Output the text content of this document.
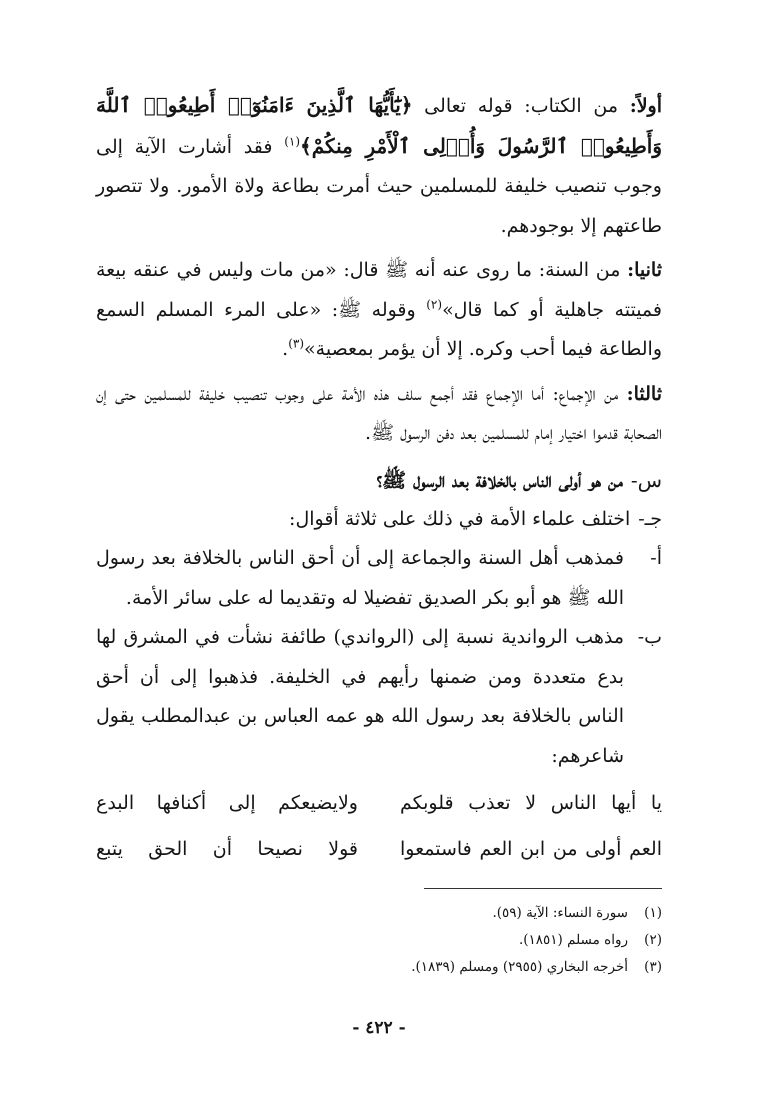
أولاً: من الكتاب: قوله تعالى ﴿يَٰٓأَيُّهَا ٱلَّذِينَ ءَامَنُوٓا۟ أَطِيعُوا۟ ٱللَّهَ وَأَطِيعُوا۟ ٱلرَّسُولَ وَأُو۟لِى ٱلْأَمْرِ مِنكُمْ﴾$^{(١)}$ فقد أشارت الآية إلى وجوب تنصيب خليفة للمسلمين حيث أمرت بطاعة ولاة الأمور. ولا تتصور طاعتهم إلا بوجودهم.

ثانيا: من السنة: ما روى عنه أنه ﷺ قال: «من مات وليس في عنقه بيعة فميتته جاهلية أو كما قال»$^{(٢)}$ وقوله ﷺ: «على المرء المسلم السمع والطاعة فيما أحب وكره. إلا أن يؤمر بمعصية»$^{(٣)}$.

ثالثا: من الإجماع: أما الإجماع فقد أجمع سلف هذه الأمة على وجوب تنصيب خليفة للمسلمين حتى إن الصحابة قدموا اختيار إمام للمسلمين بعد دفن الرسول ﷺ.

س-من هو أولى الناس بالخلافة بعد الرسول ﷺ؟
جـ-اختلف علماء الأمة في ذلك على ثلاثة أقوال:
أ-
فمذهب أهل السنة والجماعة إلى أن أحق الناس بالخلافة بعد رسول الله ﷺ هو أبو بكر الصديق تفضيلا له وتقديما له على سائر الأمة.
ب-
مذهب الرواندية نسبة إلى (الرواندي) طائفة نشأت في المشرق لها بدع متعددة ومن ضمنها رأيهم في الخليفة. فذهبوا إلى أن أحق الناس بالخلافة بعد رسول الله هو عمه العباس بن عبدالمطلب يقول شاعرهم:
يا أيها الناس لا تعذب قلوبكم
ولايضيعكم إلى أكنافها البدع
العم أولى من ابن العم فاستمعوا
قولا نصيحا أن الحق يتبع
(١)
سورة النساء: الآية (٥٩).
(٢)
رواه مسلم (١٨٥١).
(٣)
أخرجه البخاري (٢٩٥٥) ومسلم (١٨٣٩).
- ٤٢٢ -
